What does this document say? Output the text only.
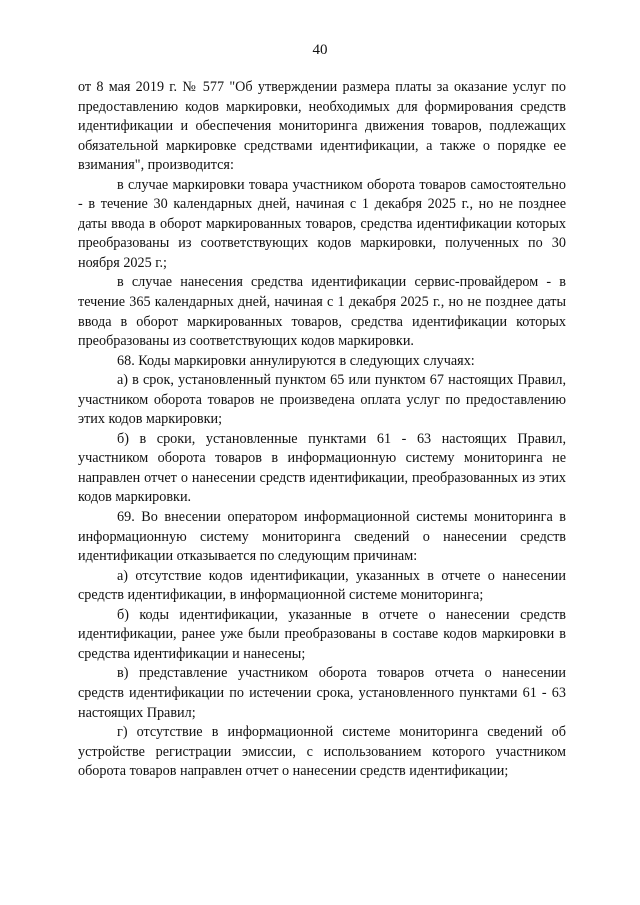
40

от 8 мая 2019 г. № 577 "Об утверждении размера платы за оказание услуг по предоставлению кодов маркировки, необходимых для формирования средств идентификации и обеспечения мониторинга движения товаров, подлежащих обязательной маркировке средствами идентификации, а также о порядке ее взимания", производится:

в случае маркировки товара участником оборота товаров самостоятельно - в течение 30 календарных дней, начиная с 1 декабря 2025 г., но не позднее даты ввода в оборот маркированных товаров, средства идентификации которых преобразованы из соответствующих кодов маркировки, полученных по 30 ноября 2025 г.;

в случае нанесения средства идентификации сервис-провайдером - в течение 365 календарных дней, начиная с 1 декабря 2025 г., но не позднее даты ввода в оборот маркированных товаров, средства идентификации которых преобразованы из соответствующих кодов маркировки.

68. Коды маркировки аннулируются в следующих случаях:

а) в срок, установленный пунктом 65 или пунктом 67 настоящих Правил, участником оборота товаров не произведена оплата услуг по предоставлению этих кодов маркировки;

б) в сроки, установленные пунктами 61 - 63 настоящих Правил, участником оборота товаров в информационную систему мониторинга не направлен отчет о нанесении средств идентификации, преобразованных из этих кодов маркировки.

69. Во внесении оператором информационной системы мониторинга в информационную систему мониторинга сведений о нанесении средств идентификации отказывается по следующим причинам:

а) отсутствие кодов идентификации, указанных в отчете о нанесении средств идентификации, в информационной системе мониторинга;

б) коды идентификации, указанные в отчете о нанесении средств идентификации, ранее уже были преобразованы в составе кодов маркировки в средства идентификации и нанесены;

в) представление участником оборота товаров отчета о нанесении средств идентификации по истечении срока, установленного пунктами 61 - 63 настоящих Правил;

г) отсутствие в информационной системе мониторинга сведений об устройстве регистрации эмиссии, с использованием которого участником оборота товаров направлен отчет о нанесении средств идентификации;
